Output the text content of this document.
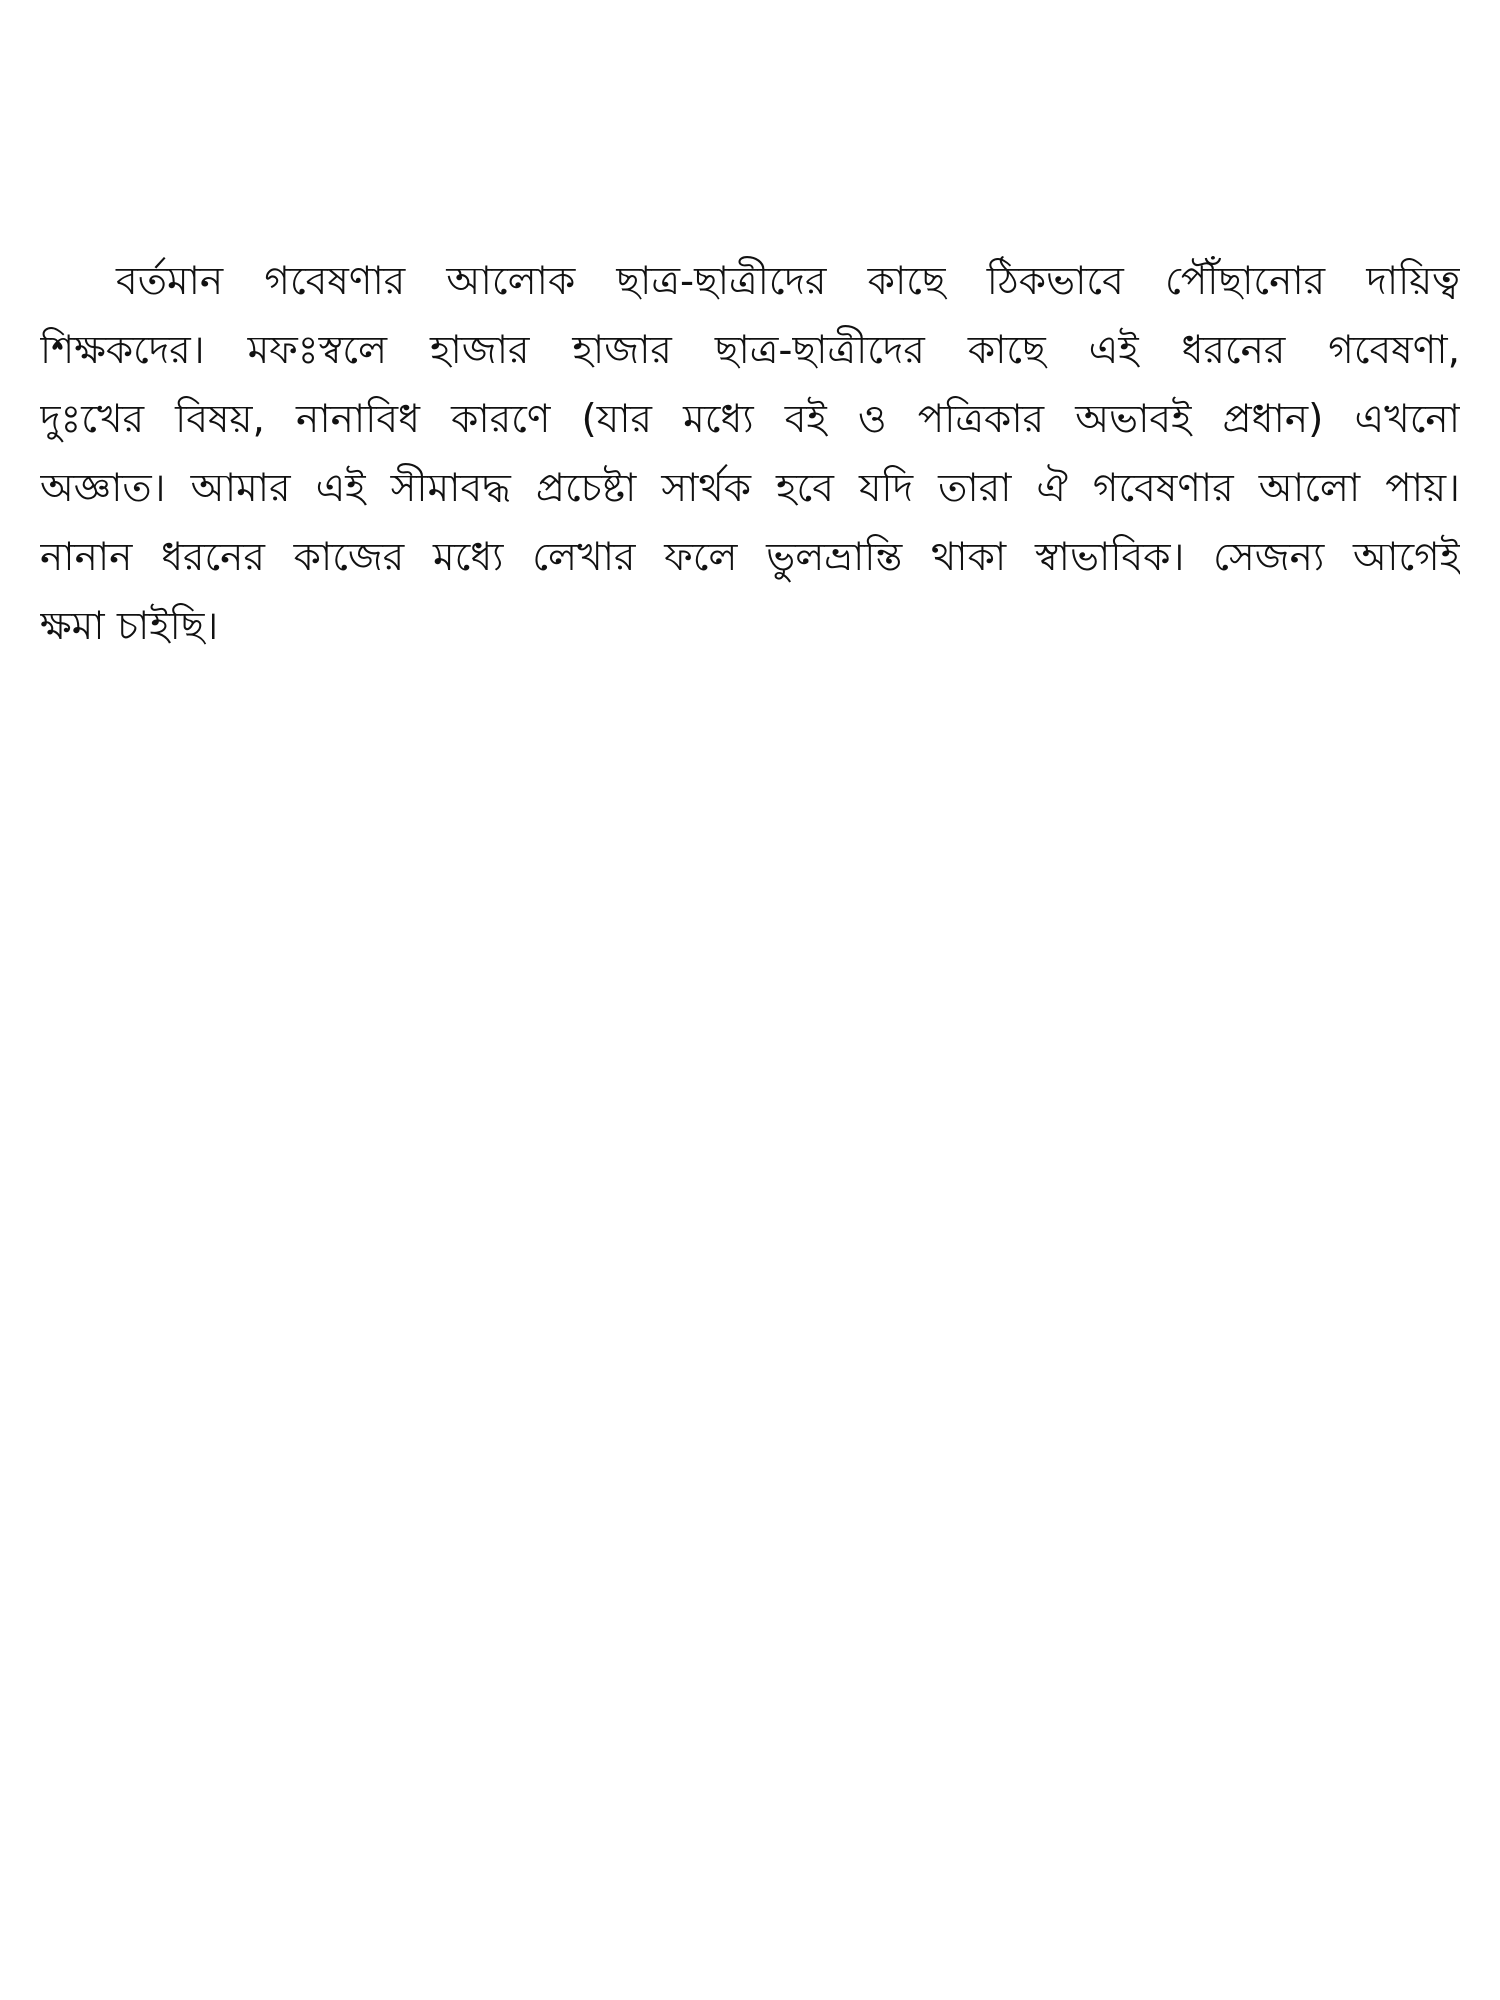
বর্তমান গবেষণার আলোক ছাত্র-ছাত্রীদের কাছে ঠিকভাবে পৌঁছানোর দায়িত্ব
শিক্ষকদের। মফঃস্বলে হাজার হাজার ছাত্র-ছাত্রীদের কাছে এই ধরনের গবেষণা,
দুঃখের বিষয়, নানাবিধ কারণে (যার মধ্যে বই ও পত্রিকার অভাবই প্রধান) এখনো
অজ্ঞাত। আমার এই সীমাবদ্ধ প্রচেষ্টা সার্থক হবে যদি তারা ঐ গবেষণার আলো পায়।
নানান ধরনের কাজের মধ্যে লেখার ফলে ভুলভ্রান্তি থাকা স্বাভাবিক। সেজন্য আগেই
ক্ষমা চাইছি।
